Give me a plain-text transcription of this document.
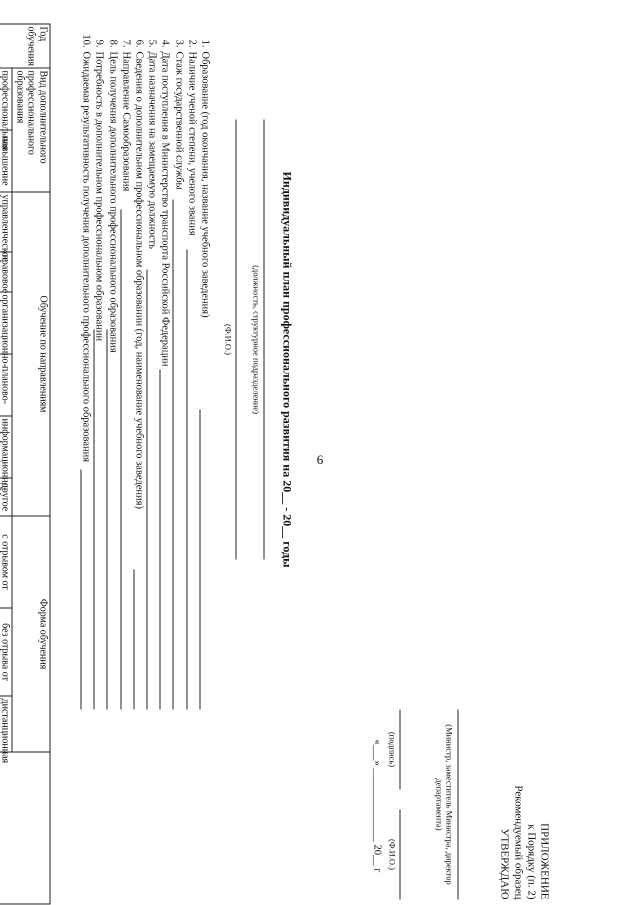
6
ПРИЛОЖЕНИЕ
к Порядку (п. 2)
Рекомендуемый образец
УТВЕРЖДАЮ
(Министр, заместитель Министра, директор департамента)
(подпись)
(Ф.И.О.)
«___» ______________ 20__ г
Индивидуальный план профессионального развития на 20__ - 20__ годы
(должность, структурное подразделение)
(Ф.И.О.)
1.Образование (год окончания, название учебного заведения)
2.Наличие ученой степени, ученого звания
3.Стаж государственной службы
4.Дата поступления в Министерство транспорта Российской Федерации
5.Дата назначения на замещаемую должность
6.Сведения о дополнительном профессиональном образовании (год, наименование учебного заведения)
7.Направление Самообразования
8.Цель получения дополнительного профессионального образования
9.Потребность в дополнительном профессиональном образовании
10.Ожидаемая результативность получения дополнительного профессионального образования
Год обучения	Вид дополнительного профессионального образования		Обучение по направлениям						Форма обучения			
	профессиональная	повышение	управленческое	правовое	организационно-	планово-	информационно-	другое	с отрывом от	без отрыва от	дистанционная	
